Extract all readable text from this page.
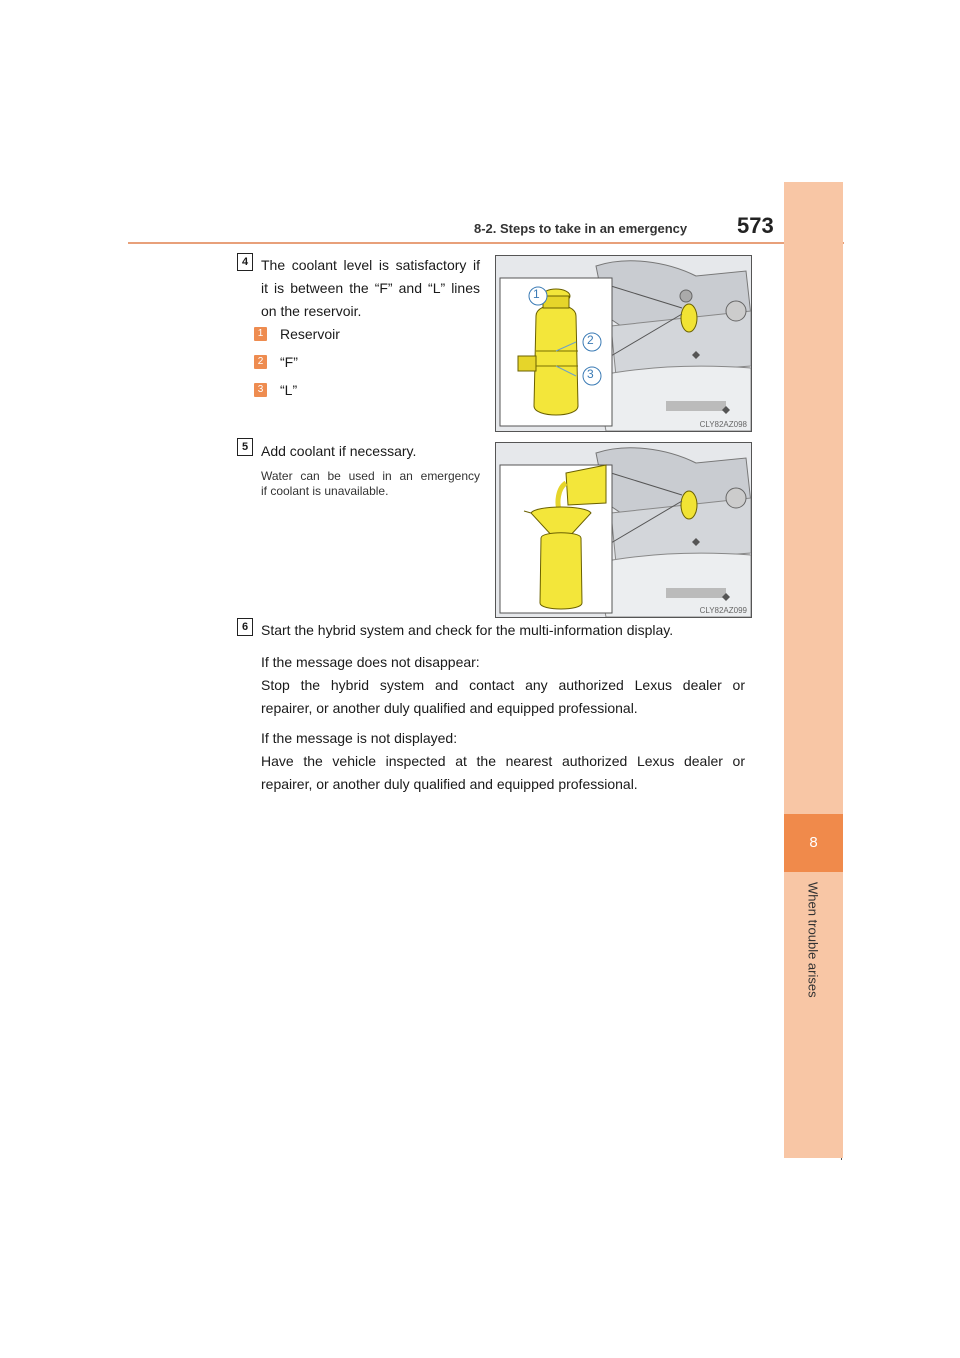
8-2. Steps to take in an emergency 573
8
When trouble arises
4 The coolant level is satisfactory if
it is between the “F” and “L” lines
on the reservoir.
1 Reservoir
2 “F”
3 “L”
1
2
3
CLY82AZ098
5 Add coolant if necessary.
Water can be used in an emergency
if coolant is unavailable.
CLY82AZ099
6 Start the hybrid system and check for the multi-information display.
If the message does not disappear:
Stop the hybrid system and contact any authorized Lexus dealer or
repairer, or another duly qualified and equipped professional.
If the message is not displayed:
Have the vehicle inspected at the nearest authorized Lexus dealer or
repairer, or another duly qualified and equipped professional.
